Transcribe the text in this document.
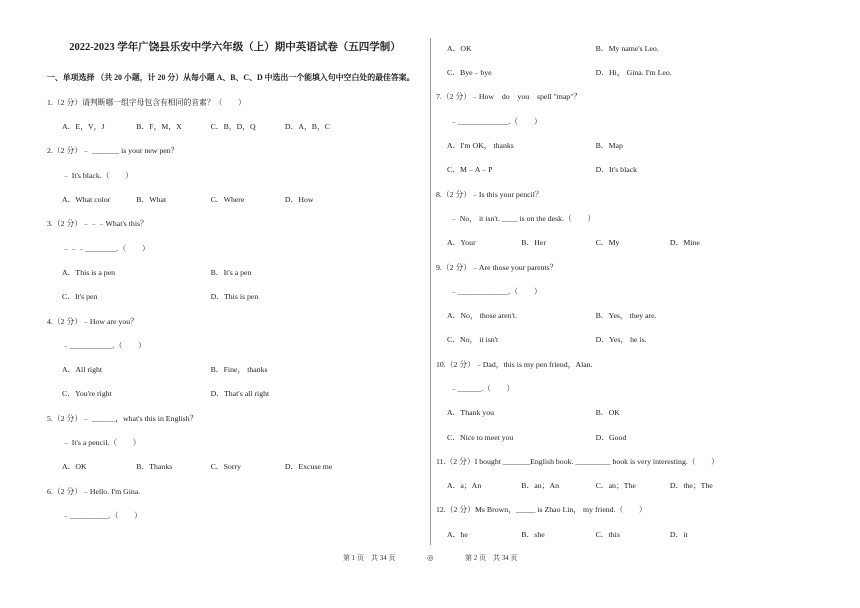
2022-2023 学年广饶县乐安中学六年级（上）期中英语试卷（五四学制）
一、单项选择 （共 20 小题，计 20 分）从每小题 A、B、C、D 中选出一个能填入句中空白处的最佳答案。
1.（2 分）请判断哪一组字母包含有相同的音素？（　　）
A．E，V，J	B．F，M，X	C．B，D，Q	D．A，B，C
2.（2 分）﹣ _______ is your new pen？
﹣ It's black.（　　）
A．What color	B．What	C．Where	D．How
3.（2 分）﹣﹣﹣What's this？
﹣﹣﹣________.（　　）
A．This is a pen	B．It's a pen
C．It's pen	D．This is pen
4.（2 分）﹣How are you？
﹣___________.（　　）
A．All right	B．Fine， thanks
C．You're right	D．That's all right
5.（2 分）﹣ ______，what's this in English？
﹣ It's a pencil.（　　）
A．OK	B．Thanks	C．Sorry	D．Excuse me
6.（2 分）﹣Hello. I'm Gina.
﹣__________.（　　）
A．OK	B．My name's Leo.
C．Bye﹣bye	D．Hi， Gina. I'm Leo.
7.（2 分）﹣How　do　you　spell "map"？
﹣_____________.（　　）
A．I'm OK， thanks	B．Map
C．M﹣A﹣P	D．It's black
8.（2 分）﹣Is this your pencil？
﹣ No， it isn't. ____ is on the desk.（　　）
A．Your	B．Her	C．My	D．Mine
9.（2 分）﹣Are those your parents？
﹣_____________.（　　）
A．No， those aren't.	B．Yes， they are.
C．No， it isn't	D．Yes， he is.
10.（2 分）﹣Dad，this is my pen friend，Alan.
﹣______.（　　）
A．Thank you	B．OK
C．Nice to meet you	D．Good
11.（2 分）I bought _______English book. _________ book is very interesting.（　　）
A．a；An	B．an；An	C．an；The	D．the；The
12.（2 分）Ms Brown，_____ is Zhao Lin， my friend.（　　）
A．he	B．she	C．this	D．it
第 1 页　共 34 页	◎	第 2 页　共 34 页
